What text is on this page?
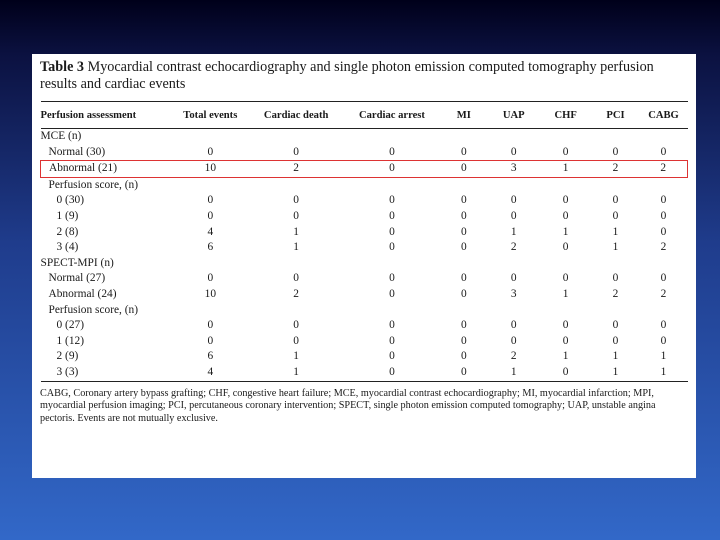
Table 3 Myocardial contrast echocardiography and single photon emission computed tomography perfusion results and cardiac events
Perfusion assessment	Total events	Cardiac death	Cardiac arrest	MI	UAP	CHF	PCI	CABG
MCE (n)								
Normal (30)	0	0	0	0	0	0	0	0
Abnormal (21)	10	2	0	0	3	1	2	2
Perfusion score, (n)								
0 (30)	0	0	0	0	0	0	0	0
1 (9)	0	0	0	0	0	0	0	0
2 (8)	4	1	0	0	1	1	1	0
3 (4)	6	1	0	0	2	0	1	2
SPECT-MPI (n)								
Normal (27)	0	0	0	0	0	0	0	0
Abnormal (24)	10	2	0	0	3	1	2	2
Perfusion score, (n)								
0 (27)	0	0	0	0	0	0	0	0
1 (12)	0	0	0	0	0	0	0	0
2 (9)	6	1	0	0	2	1	1	1
3 (3)	4	1	0	0	1	0	1	1
CABG, Coronary artery bypass grafting; CHF, congestive heart failure; MCE, myocardial contrast echocardiography; MI, myocardial infarction; MPI, myocardial perfusion imaging; PCI, percutaneous coronary intervention; SPECT, single photon emission computed tomography; UAP, unstable angina pectoris. Events are not mutually exclusive.
